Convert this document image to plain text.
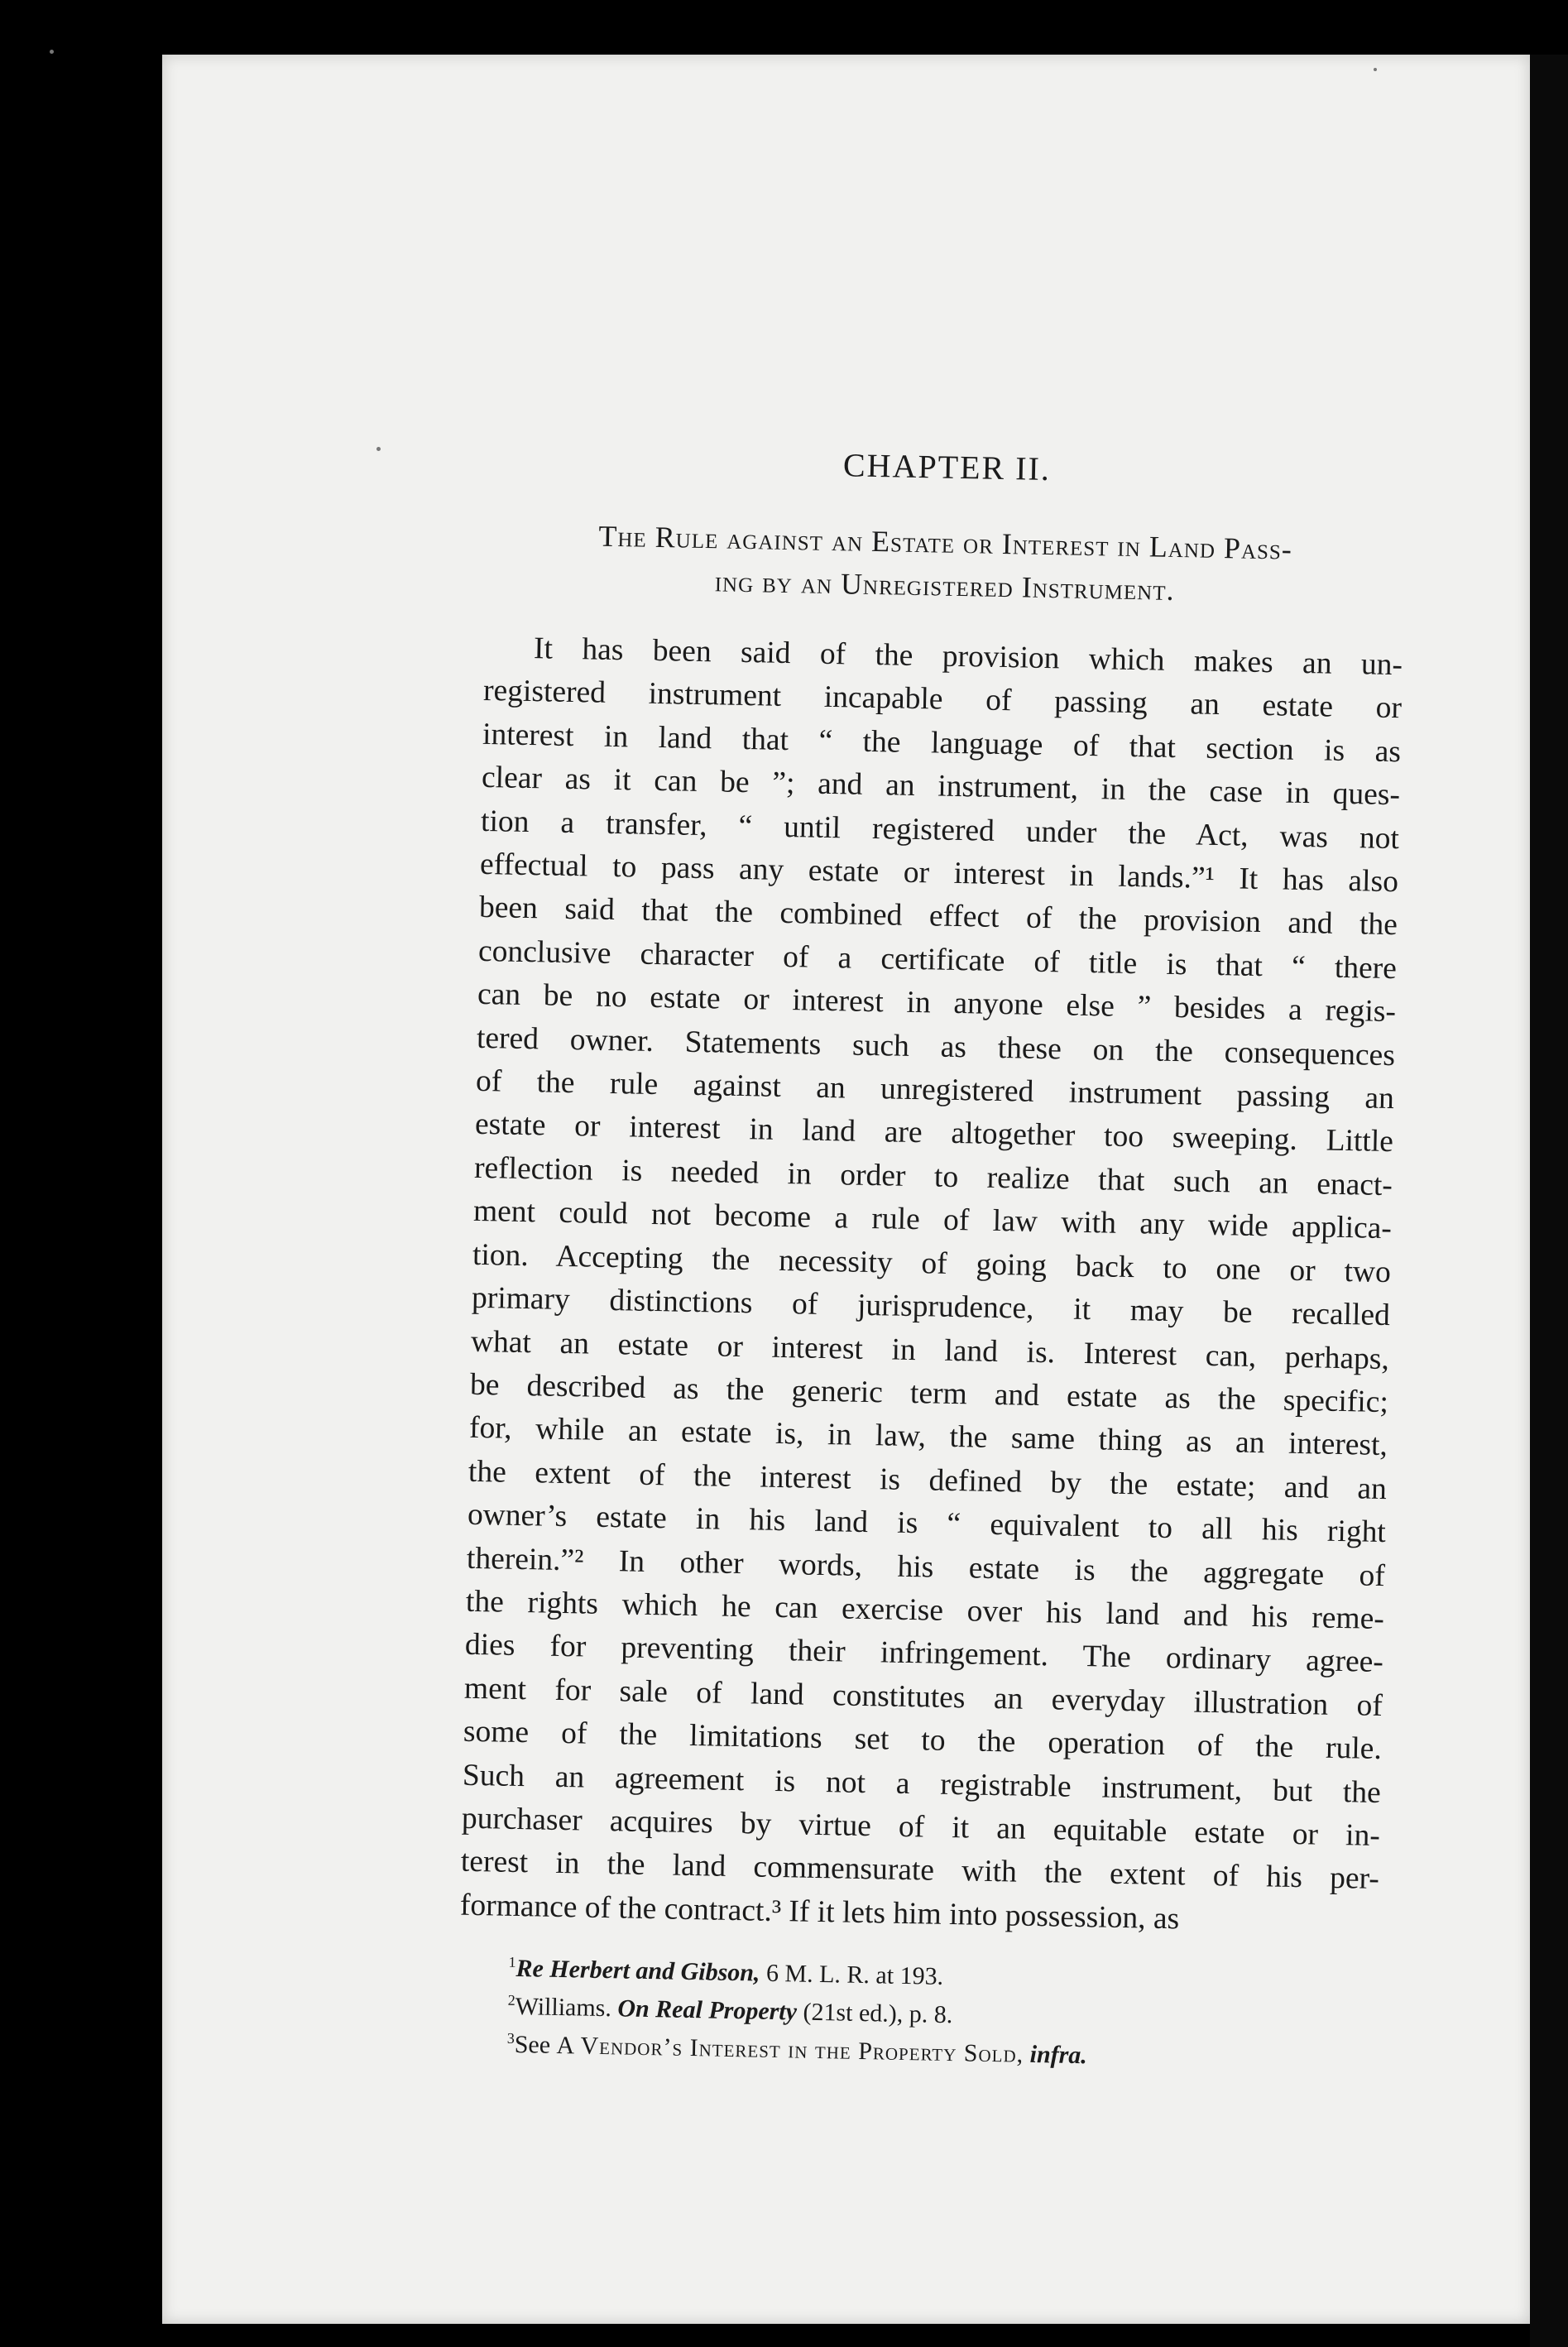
CHAPTER II.
The Rule against an Estate or Interest in Land Pass-
ing by an Unregistered Instrument.
It has been said of the provision which makes an un-
registered instrument incapable of passing an estate or
interest in land that “ the language of that section is as
clear as it can be ”; and an instrument, in the case in ques-
tion a transfer, “ until registered under the Act, was not
effectual to pass any estate or interest in lands.”¹ It has also
been said that the combined effect of the provision and the
conclusive character of a certificate of title is that “ there
can be no estate or interest in anyone else ” besides a regis-
tered owner. Statements such as these on the consequences
of the rule against an unregistered instrument passing an
estate or interest in land are altogether too sweeping. Little
reflection is needed in order to realize that such an enact-
ment could not become a rule of law with any wide applica-
tion. Accepting the necessity of going back to one or two
primary distinctions of jurisprudence, it may be recalled
what an estate or interest in land is. Interest can, perhaps,
be described as the generic term and estate as the specific;
for, while an estate is, in law, the same thing as an interest,
the extent of the interest is defined by the estate; and an
owner’s estate in his land is “ equivalent to all his right
therein.”² In other words, his estate is the aggregate of
the rights which he can exercise over his land and his reme-
dies for preventing their infringement. The ordinary agree-
ment for sale of land constitutes an everyday illustration of
some of the limitations set to the operation of the rule.
Such an agreement is not a registrable instrument, but the
purchaser acquires by virtue of it an equitable estate or in-
terest in the land commensurate with the extent of his per-
formance of the contract.³ If it lets him into possession, as
$^1$Re Herbert and Gibson, 6 M. L. R. at 193.
$^2$Williams. On Real Property (21st ed.), p. 8.
$^3$See A Vendor’s Interest in the Property Sold, infra.
